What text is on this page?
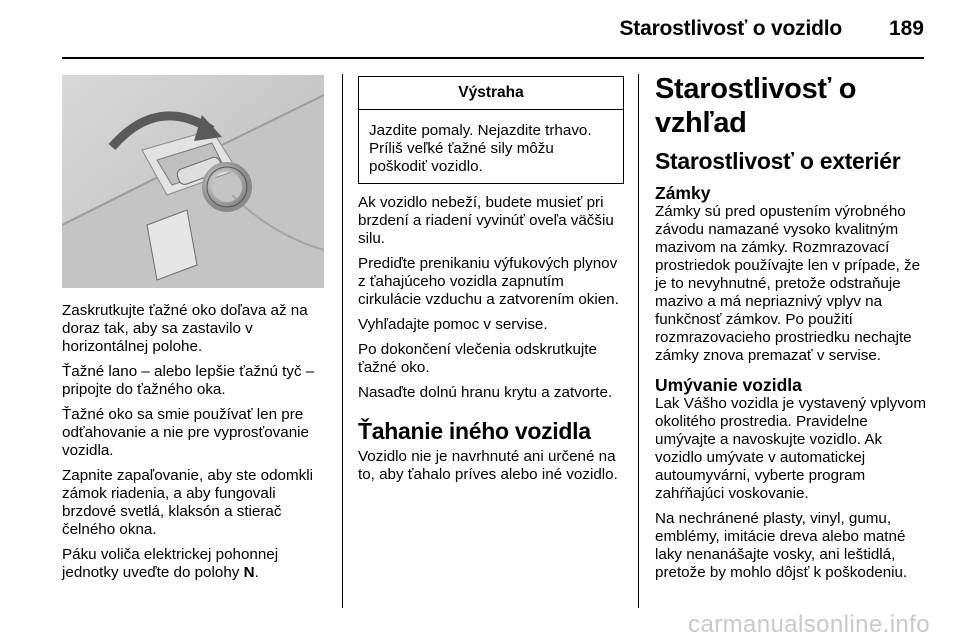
Starostlivosť o vozidlo 189

Zaskrutkujte ťažné oko doľava až na doraz tak, aby sa zastavilo v horizontálnej polohe.

Ťažné lano – alebo lepšie ťažnú tyč – pripojte do ťažného oka.

Ťažné oko sa smie používať len pre odťahovanie a nie pre vyprosťovanie vozidla.

Zapnite zapaľovanie, aby ste odomkli zámok riadenia, a aby fungovali brzdové svetlá, klaksón a stierač čelného okna.

Páku voliča elektrickej pohonnej jednotky uveďte do polohy N.

Výstraha
Jazdite pomaly. Nejazdite trhavo. Príliš veľké ťažné sily môžu poškodiť vozidlo.

Ak vozidlo nebeží, budete musieť pri brzdení a riadení vyvinúť oveľa väčšiu silu.

Prediďte prenikaniu výfukových plynov z ťahajúceho vozidla zapnutím cirkulácie vzduchu a zatvorením okien.

Vyhľadajte pomoc v servise.

Po dokončení vlečenia odskrutkujte ťažné oko.

Nasaďte dolnú hranu krytu a zatvorte.

Ťahanie iného vozidla

Vozidlo nie je navrhnuté ani určené na to, aby ťahalo príves alebo iné vozidlo.

Starostlivosť o vzhľad
Starostlivosť o exteriér
Zámky

Zámky sú pred opustením výrobného závodu namazané vysoko kvalitným mazivom na zámky. Rozmrazovací prostriedok používajte len v prípade, že je to nevyhnutné, pretože odstraňuje mazivo a má nepriaznivý vplyv na funkčnosť zámkov. Po použití rozmrazovacieho prostriedku nechajte zámky znova premazať v servise.

Umývanie vozidla

Lak Vášho vozidla je vystavený vplyvom okolitého prostredia. Pravidelne umývajte a navoskujte vozidlo. Ak vozidlo umývate v automatickej autoumyvárni, vyberte program zahŕňajúci voskovanie.

Na nechránené plasty, vinyl, gumu, emblémy, imitácie dreva alebo matné laky nenanášajte vosky, ani leštidlá, pretože by mohlo dôjsť k poškodeniu.

carmanualsonline.info
